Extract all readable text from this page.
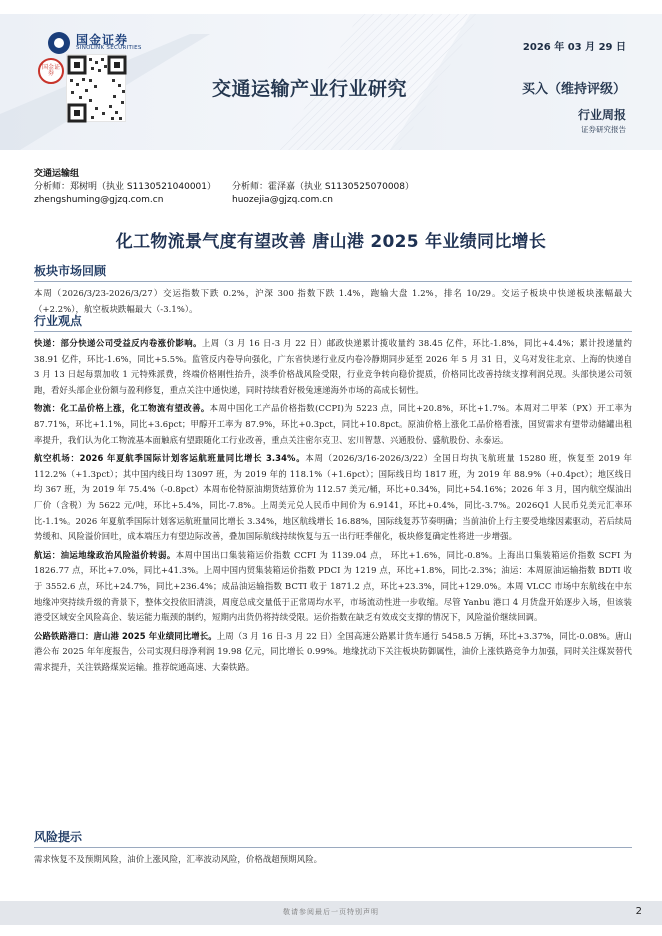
国金证券
SINOLINK SECURITIES
国金证券
2026 年 03 月 29 日
交通运输产业行业研究	买入（维持评级）
行业周报
证券研究报告
交通运输组
分析师：郑树明（执业 S1130521040001）	分析师：霍泽嘉（执业 S1130525070008）
zhengshuming@gjzq.com.cn	huozejia@gjzq.com.cn
化工物流景气度有望改善 唐山港 2025 年业绩同比增长
板块市场回顾

本周（2026/3/23-2026/3/27）交运指数下跌 0.2%，沪深 300 指数下跌 1.4%，跑输大盘 1.2%，排名 10/29。交运子板块中快递板块涨幅最大（+2.2%），航空板块跌幅最大（-3.1%）。

行业观点

快递：部分快递公司受益反内卷涨价影响。上周（3 月 16 日-3 月 22 日）邮政快递累计揽收量约 38.45 亿件，环比-1.8%，同比+4.4%；累计投递量约 38.91 亿件，环比-1.6%，同比+5.5%。监管反内卷导向强化，广东省快递行业反内卷冷静期同步延至 2026 年 5 月 31 日，义乌对发往北京、上海的快递自 3 月 13 日起每票加收 1 元特殊派费，终端价格刚性抬升，淡季价格战风险受限，行业竞争转向稳价提质，价格同比改善持续支撑利润兑现。头部快递公司领跑，看好头部企业份额与盈利修复，重点关注中通快递，同时持续看好极兔速递海外市场的高成长韧性。

物流：化工品价格上涨，化工物流有望改善。本周中国化工产品价格指数(CCPI)为 5223 点，同比+20.8%，环比+1.7%。本周对二甲苯（PX）开工率为 87.71%，环比+1.1%，同比+3.6pct；甲醇开工率为 87.9%，环比+0.3pct，同比+10.8pct。原油价格上涨化工品价格看涨，国贸需求有望带动储罐出租率提升，我们认为化工物流基本面触底有望跟随化工行业改善，重点关注密尔克卫、宏川智慧、兴通股份、盛航股份、永泰运。

航空机场：2026 年夏航季国际计划客运航班量同比增长 3.34%。本周（2026/3/16-2026/3/22）全国日均执飞航班量 15280 班，恢复至 2019 年 112.2%（+1.3pct）；其中国内线日均 13097 班，为 2019 年的 118.1%（+1.6pct）；国际线日均 1817 班，为 2019 年 88.9%（+0.4pct）；地区线日均 367 班，为 2019 年 75.4%（-0.8pct）本周布伦特原油期货结算价为 112.57 美元/桶，环比+0.34%，同比+54.16%；2026 年 3 月，国内航空煤油出厂价（含税）为 5622 元/吨，环比+5.4%，同比-7.8%。上周美元兑人民币中间价为 6.9141，环比+0.4%，同比-3.7%。2026Q1 人民币兑美元汇率环比-1.1%。2026 年夏航季国际计划客运航班量同比增长 3.34%，地区航线增长 16.88%，国际线复苏节奏明确；当前油价上行主要受地缘因素驱动，若后续局势缓和、风险溢价回吐，成本端压力有望边际改善，叠加国际航线持续恢复与五一出行旺季催化，板块修复确定性将进一步增强。

航运：油运地缘政治风险溢价转弱。本周中国出口集装箱运价指数 CCFI 为 1139.04 点， 环比+1.6%，同比-0.8%。上海出口集装箱运价指数 SCFI 为 1826.77 点，环比+7.0%，同比+41.3%。上周中国内贸集装箱运价指数 PDCI 为 1219 点，环比+1.8%，同比-2.3%；油运：本周原油运输指数 BDTI 收于 3552.6 点，环比+24.7%，同比+236.4%；成品油运输指数 BCTI 收于 1871.2 点，环比+23.3%，同比+129.0%。本周 VLCC 市场中东航线在中东地缘冲突持续升级的背景下，整体交投依旧清淡，周度总成交量低于正常周均水平，市场流动性进一步收缩。尽管 Yanbu 港口 4 月货盘开始逐步入场，但该装港受区域安全风险高企、装运能力瓶颈的制约，短期内出货仍将持续受限。运价指数在缺乏有效成交支撑的情况下，风险溢价继续回调。

公路铁路港口：唐山港 2025 年业绩同比增长。上周（3 月 16 日-3 月 22 日）全国高速公路累计货车通行 5458.5 万辆，环比+3.37%，同比-0.08%。唐山港公布 2025 年年度报告，公司实现归母净利润 19.98 亿元，同比增长 0.99%。地缘扰动下关注板块防御属性，油价上涨铁路竞争力加强，同时关注煤炭替代需求提升，关注铁路煤炭运输。推荐皖通高速、大秦铁路。

风险提示

需求恢复不及预期风险，油价上涨风险，汇率波动风险，价格战超预期风险。

敬请参阅最后一页特别声明	2
